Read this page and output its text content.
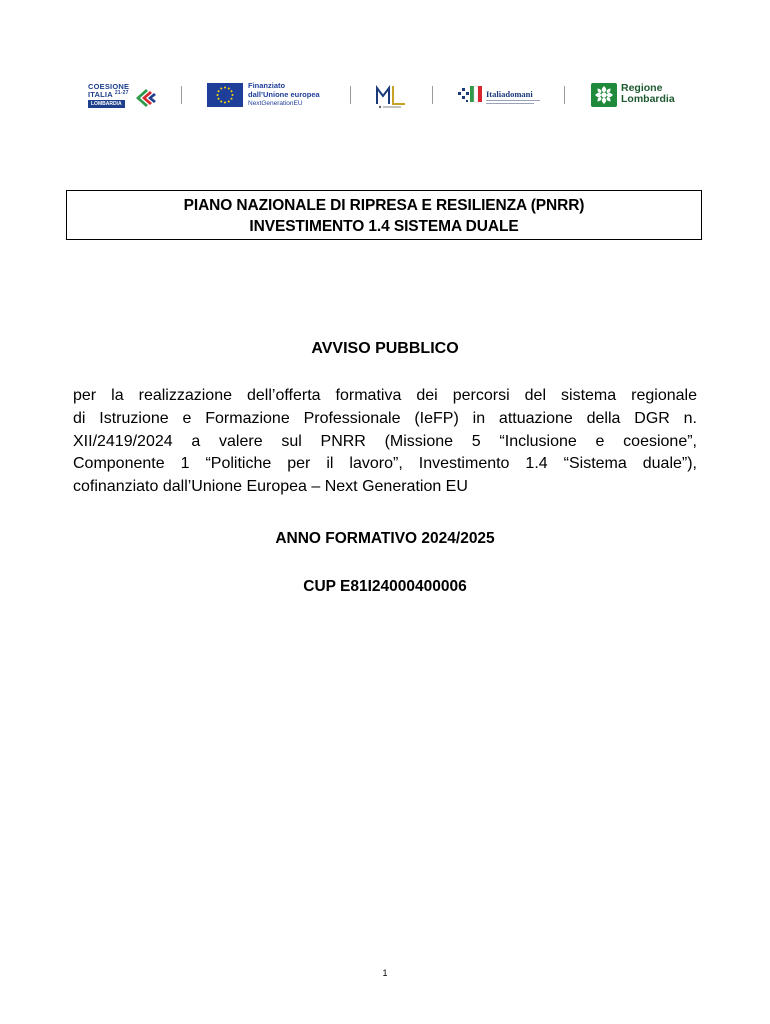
COESIONE
ITALIA $^{21-27}$
LOMBARDIA
Finanziato
dall’Unione europea
NextGenerationEU
Italiadomani	Regione
Lombardia
PIANO NAZIONALE DI RIPRESA E RESILIENZA (PNRR)
INVESTIMENTO 1.4 SISTEMA DUALE
AVVISO PUBBLICO
per la realizzazione dell’offerta formativa dei percorsi del sistema regionale
di Istruzione e Formazione Professionale (IeFP) in attuazione della DGR n.
XII/2419/2024 a valere sul PNRR (Missione 5 “Inclusione e coesione”,
Componente 1 “Politiche per il lavoro”, Investimento 1.4 “Sistema duale”),
cofinanziato dall’Unione Europea – Next Generation EU
ANNO FORMATIVO 2024/2025
CUP E81I24000400006
1
